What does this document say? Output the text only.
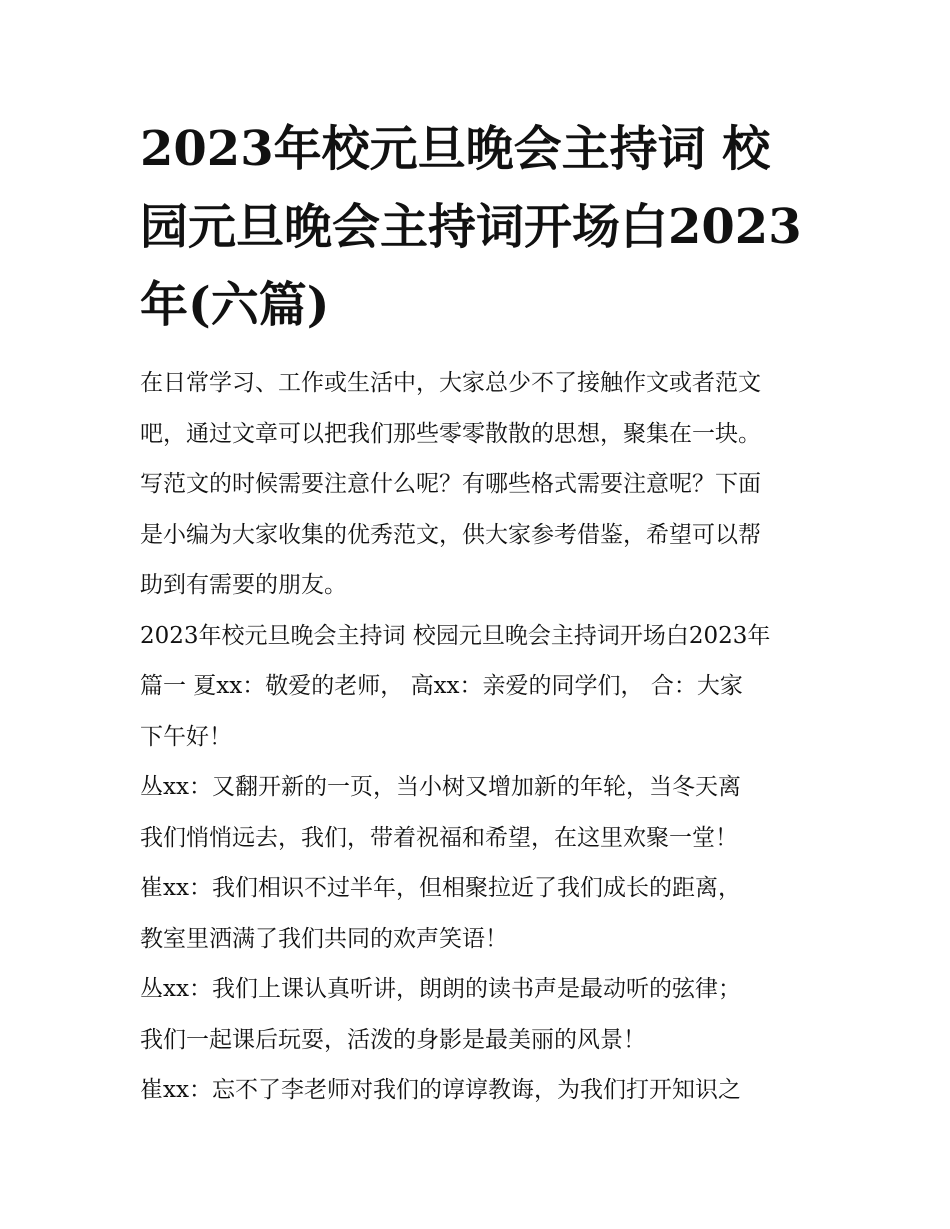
2023年校元旦晚会主持词 校
园元旦晚会主持词开场白2023
年(六篇)

在日常学习、工作或生活中，大家总少不了接触作文或者范文
吧，通过文章可以把我们那些零零散散的思想，聚集在一块。
写范文的时候需要注意什么呢？有哪些格式需要注意呢？下面
是小编为大家收集的优秀范文，供大家参考借鉴，希望可以帮
助到有需要的朋友。

2023年校元旦晚会主持词 校园元旦晚会主持词开场白2023年
篇一 夏xx：敬爱的老师， 高xx：亲爱的同学们， 合：大家
下午好！

丛xx：又翻开新的一页，当小树又增加新的年轮，当冬天离
我们悄悄远去，我们，带着祝福和希望，在这里欢聚一堂！

崔xx：我们相识不过半年，但相聚拉近了我们成长的距离，
教室里洒满了我们共同的欢声笑语！

丛xx：我们上课认真听讲，朗朗的读书声是最动听的弦律；
我们一起课后玩耍，活泼的身影是最美丽的风景！

崔xx：忘不了李老师对我们的谆谆教诲，为我们打开知识之
